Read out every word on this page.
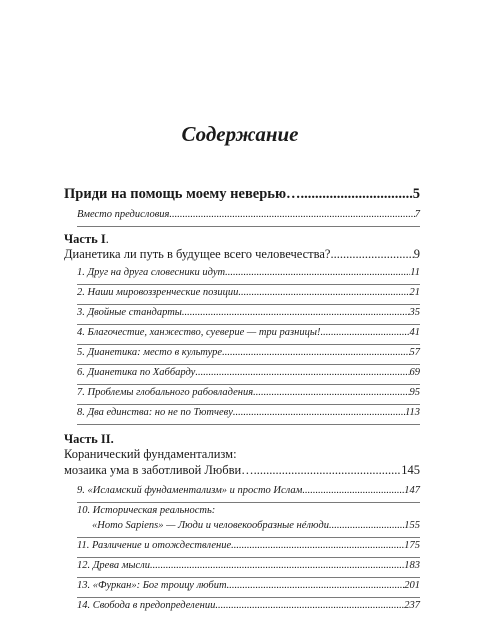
Содержание
Приди на помощь моему неверью… .....	5
Вместо предисловия .....	7
Часть I.
Дианетика ли путь в будущее всего человечества? .....	9
1. Друг на друга словесники идут .....	11
2. Наши мировоззренческие позиции .....	21
3. Двойные стандарты .....	35
4. Благочестие, ханжество, суеверие — три разницы! .....	41
5. Дианетика: место в культуре .....	57
6. Дианетика по Хаббарду .....	69
7. Проблемы глобального рабовладения .....	95
8. Два единства: но не по Тютчеву .....	113
Часть II.
Коранический фундаментализм:
мозаика ума в заботливой Любви… .....	145
9. «Исламский фундаментализм» и просто Ислам .....	147
10. Историческая реальность:
«Homo Sapiens» — Люди и человекообразные нéлюди .....	155
11. Различение и отождествление .....	175
12. Древа мысли .....	183
13. «Фуркан»: Бог троицу любит .....	201
14. Свобода в предопределении .....	237
